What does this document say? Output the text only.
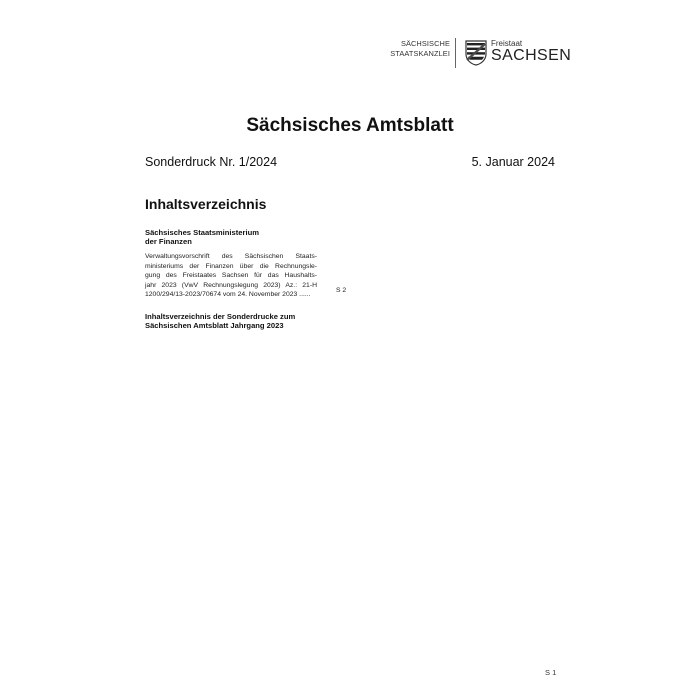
SÄCHSISCHE
STAATSKANZLEI
Freistaat
SACHSEN
Sächsisches Amtsblatt
Sonderdruck Nr. 1/2024	5. Januar 2024
Inhaltsverzeichnis
Sächsisches Staatsministerium
der Finanzen
Verwaltungsvorschrift des Sächsischen Staats-
ministeriums der Finanzen über die Rechnungsle-
gung des Freistaates Sachsen für das Haushalts-
jahr 2023 (VwV Rechnungslegung 2023) Az.: 21-H
1200/294/13-2023/70674 vom 24. November 2023 ......
S 2
Inhaltsverzeichnis der Sonderdrucke zum
Sächsischen Amtsblatt Jahrgang 2023
S 1
